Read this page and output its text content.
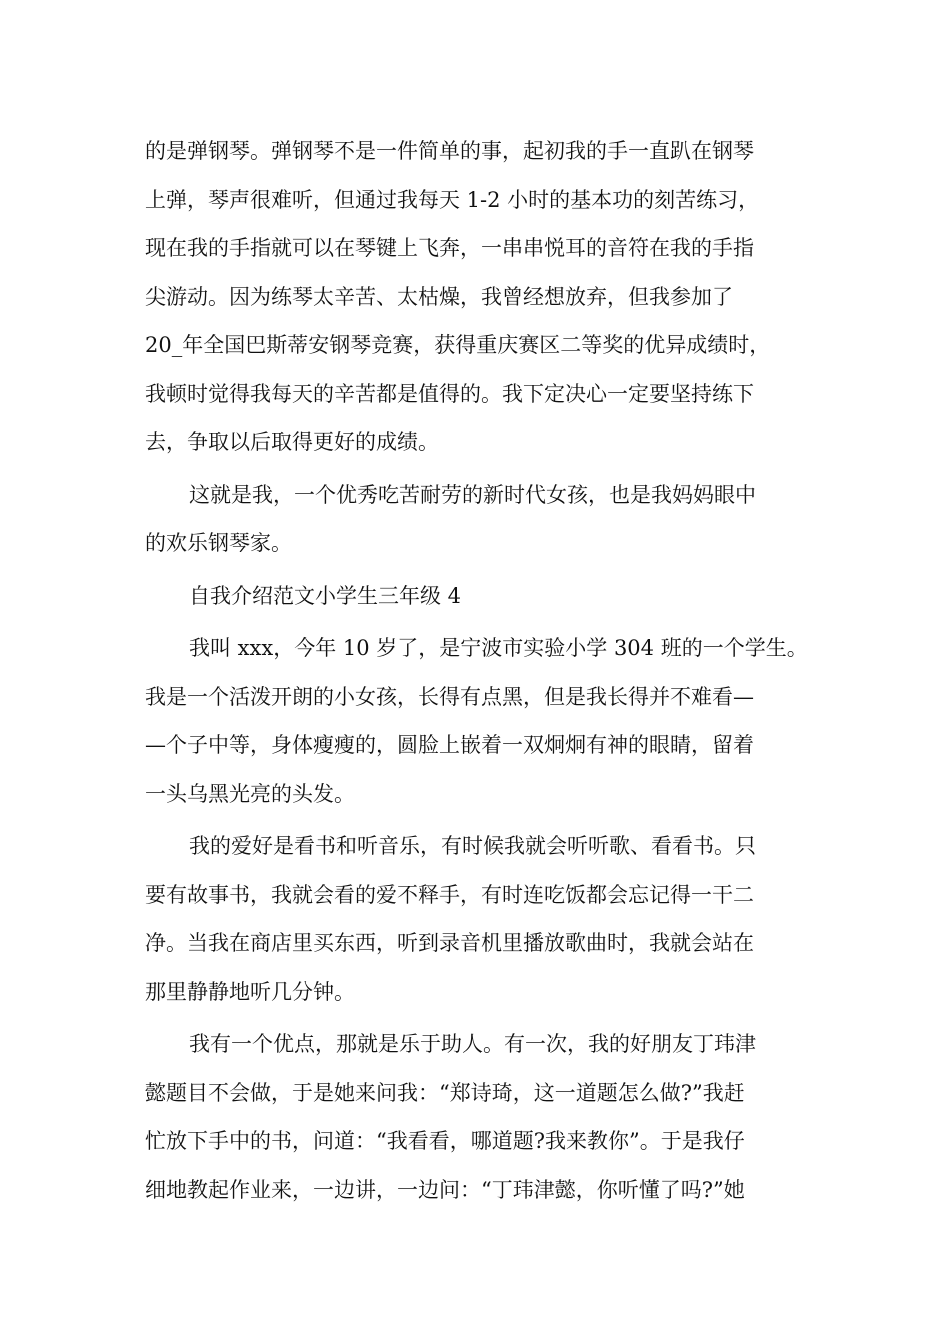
的是弹钢琴。弹钢琴不是一件简单的事，起初我的手一直趴在钢琴
上弹，琴声很难听，但通过我每天 1-2 小时的基本功的刻苦练习，
现在我的手指就可以在琴键上飞奔，一串串悦耳的音符在我的手指
尖游动。因为练琴太辛苦、太枯燥，我曾经想放弃，但我参加了
20_年全国巴斯蒂安钢琴竞赛，获得重庆赛区二等奖的优异成绩时，
我顿时觉得我每天的辛苦都是值得的。我下定决心一定要坚持练下
去，争取以后取得更好的成绩。
这就是我，一个优秀吃苦耐劳的新时代女孩，也是我妈妈眼中
的欢乐钢琴家。
自我介绍范文小学生三年级 4
我叫 xxx，今年 10 岁了，是宁波市实验小学 304 班的一个学生。
我是一个活泼开朗的小女孩，长得有点黑，但是我长得并不难看—
—个子中等，身体瘦瘦的，圆脸上嵌着一双炯炯有神的眼睛，留着
一头乌黑光亮的头发。
我的爱好是看书和听音乐，有时候我就会听听歌、看看书。只
要有故事书，我就会看的爱不释手，有时连吃饭都会忘记得一干二
净。当我在商店里买东西，听到录音机里播放歌曲时，我就会站在
那里静静地听几分钟。
我有一个优点，那就是乐于助人。有一次，我的好朋友丁玮津
懿题目不会做，于是她来问我：“郑诗琦，这一道题怎么做?”我赶
忙放下手中的书，问道：“我看看，哪道题?我来教你”。于是我仔
细地教起作业来，一边讲，一边问：“丁玮津懿，你听懂了吗?”她
